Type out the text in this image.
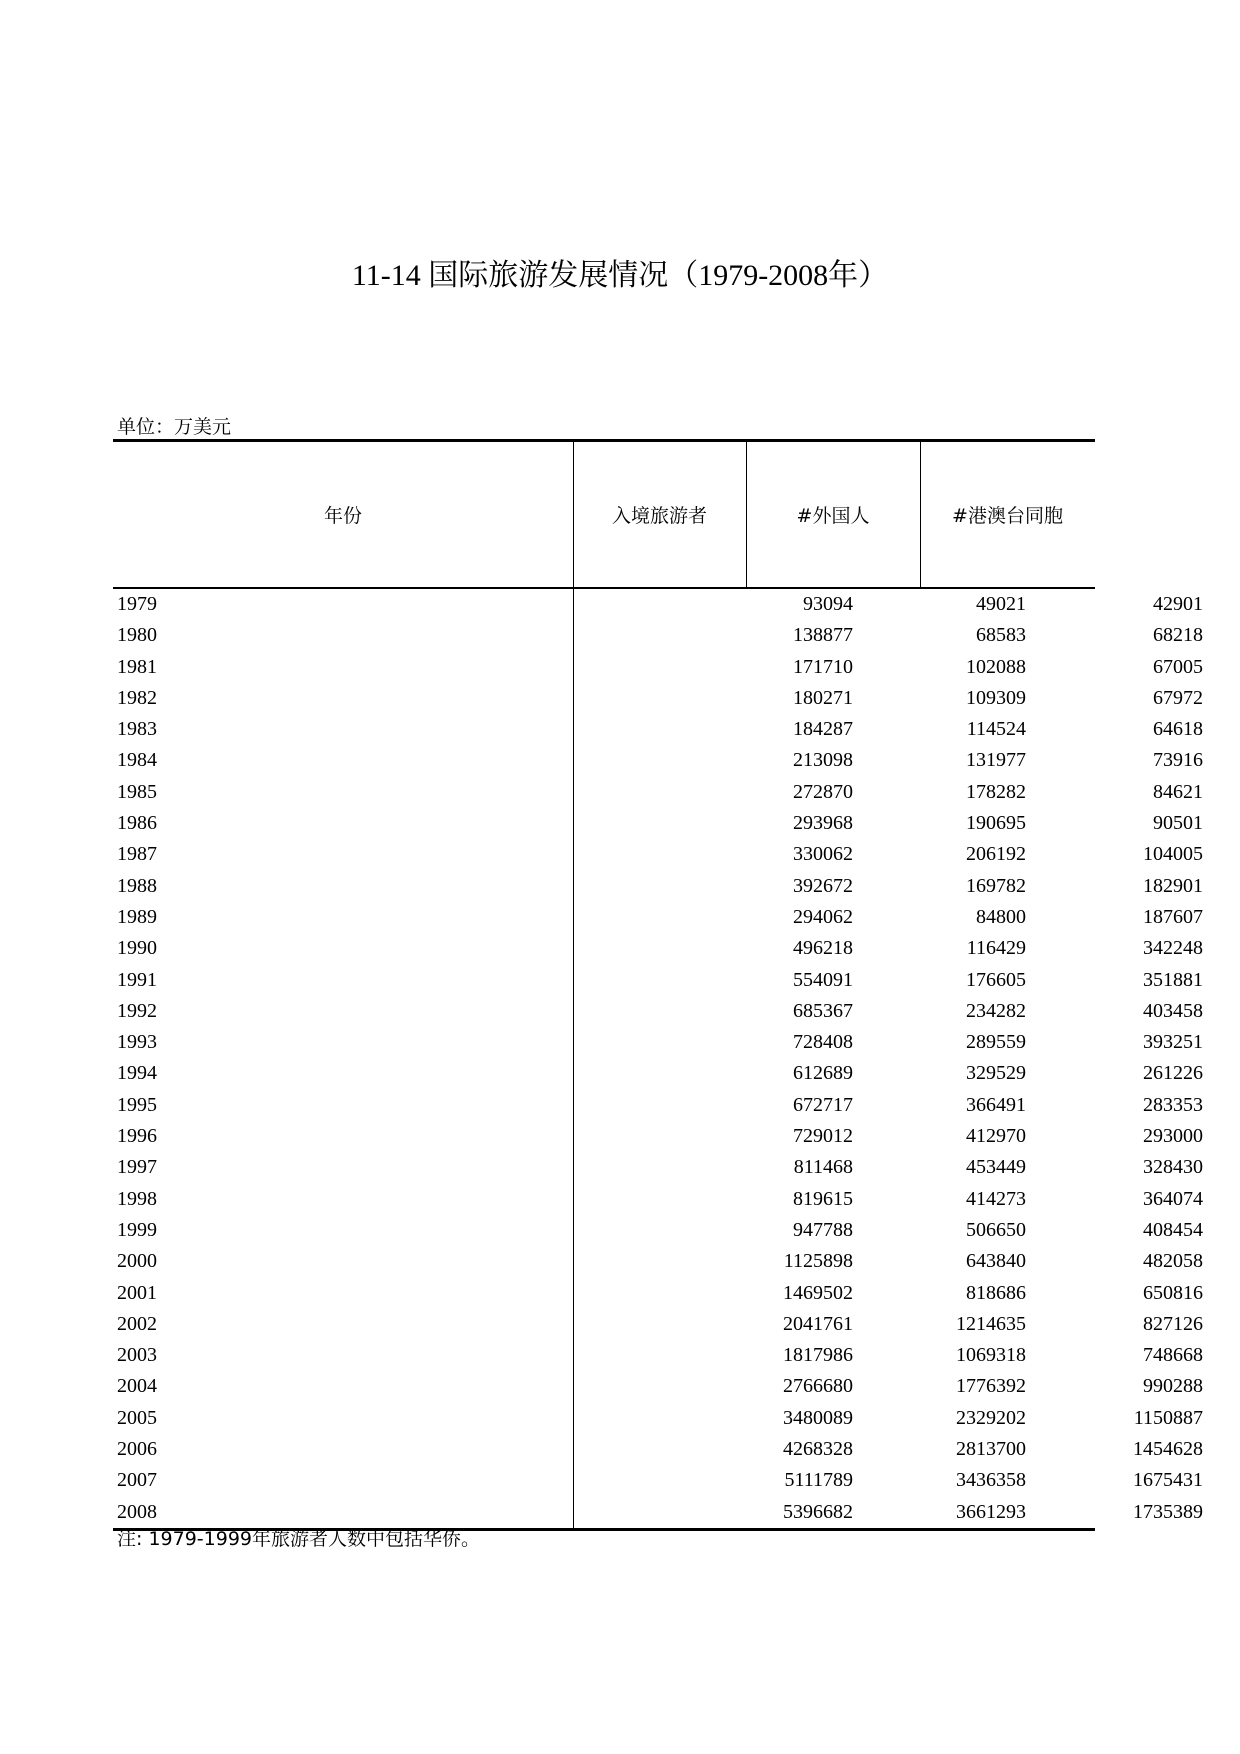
11-14 国际旅游发展情况（1979-2008年）
单位：万美元
年份	入境旅游者	#外国人	#港澳台同胞
1979	93094	49021	42901
1980	138877	68583	68218
1981	171710	102088	67005
1982	180271	109309	67972
1983	184287	114524	64618
1984	213098	131977	73916
1985	272870	178282	84621
1986	293968	190695	90501
1987	330062	206192	104005
1988	392672	169782	182901
1989	294062	84800	187607
1990	496218	116429	342248
1991	554091	176605	351881
1992	685367	234282	403458
1993	728408	289559	393251
1994	612689	329529	261226
1995	672717	366491	283353
1996	729012	412970	293000
1997	811468	453449	328430
1998	819615	414273	364074
1999	947788	506650	408454
2000	1125898	643840	482058
2001	1469502	818686	650816
2002	2041761	1214635	827126
2003	1817986	1069318	748668
2004	2766680	1776392	990288
2005	3480089	2329202	1150887
2006	4268328	2813700	1454628
2007	5111789	3436358	1675431
2008	5396682	3661293	1735389
注: 1979-1999年旅游者人数中包括华侨。
